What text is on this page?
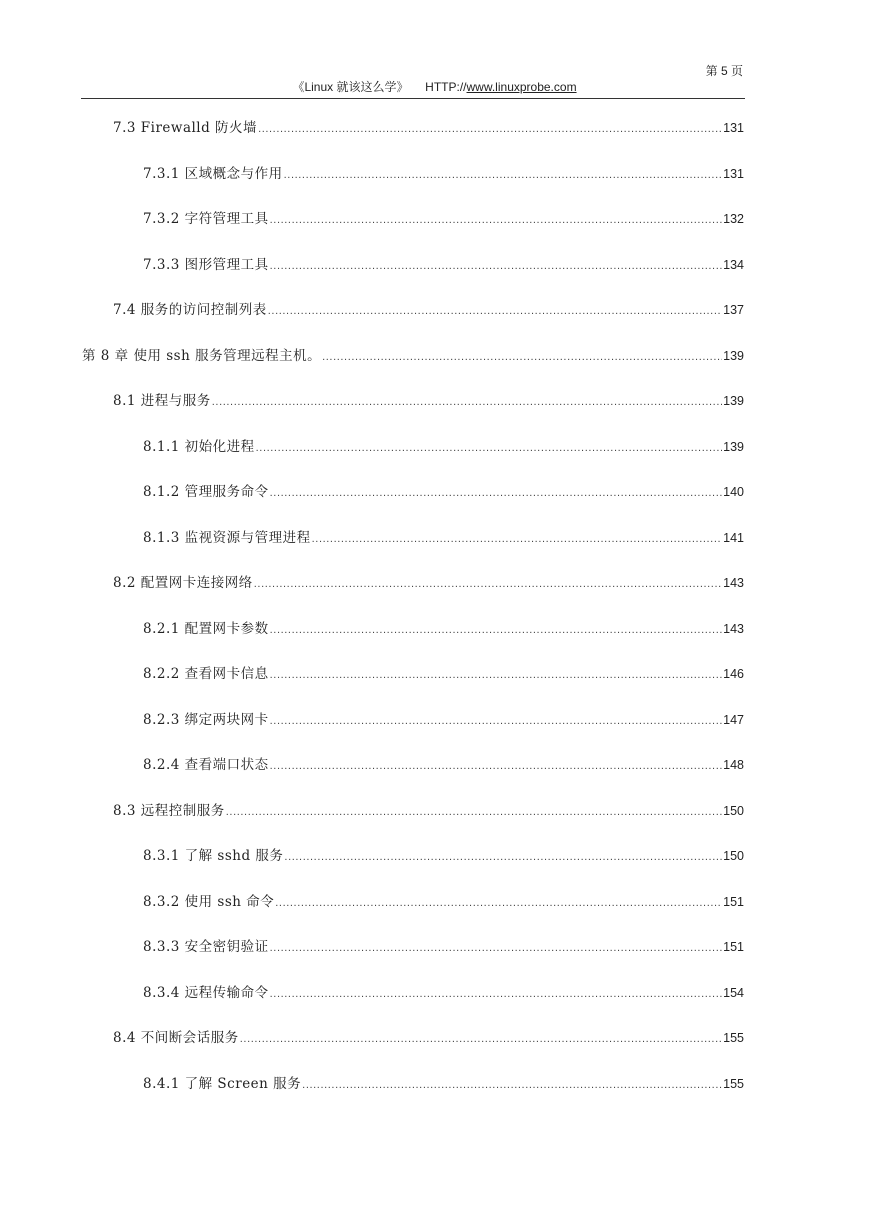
第 5 页
《Linux 就该这么学》 HTTP://www.linuxprobe.com
7.3 Firewalld 防火墙 .....	131
7.3.1 区域概念与作用 .....	131
7.3.2 字符管理工具 .....	132
7.3.3 图形管理工具 .....	134
7.4 服务的访问控制列表 .....	137
第 8 章 使用 ssh 服务管理远程主机。 .....	139
8.1 进程与服务 .....	139
8.1.1 初始化进程 .....	139
8.1.2 管理服务命令 .....	140
8.1.3 监视资源与管理进程 .....	141
8.2 配置网卡连接网络 .....	143
8.2.1 配置网卡参数 .....	143
8.2.2 查看网卡信息 .....	146
8.2.3 绑定两块网卡 .....	147
8.2.4 查看端口状态 .....	148
8.3 远程控制服务 .....	150
8.3.1 了解 sshd 服务 .....	150
8.3.2 使用 ssh 命令 .....	151
8.3.3 安全密钥验证 .....	151
8.3.4 远程传输命令 .....	154
8.4 不间断会话服务 .....	155
8.4.1 了解 Screen 服务 .....	155
